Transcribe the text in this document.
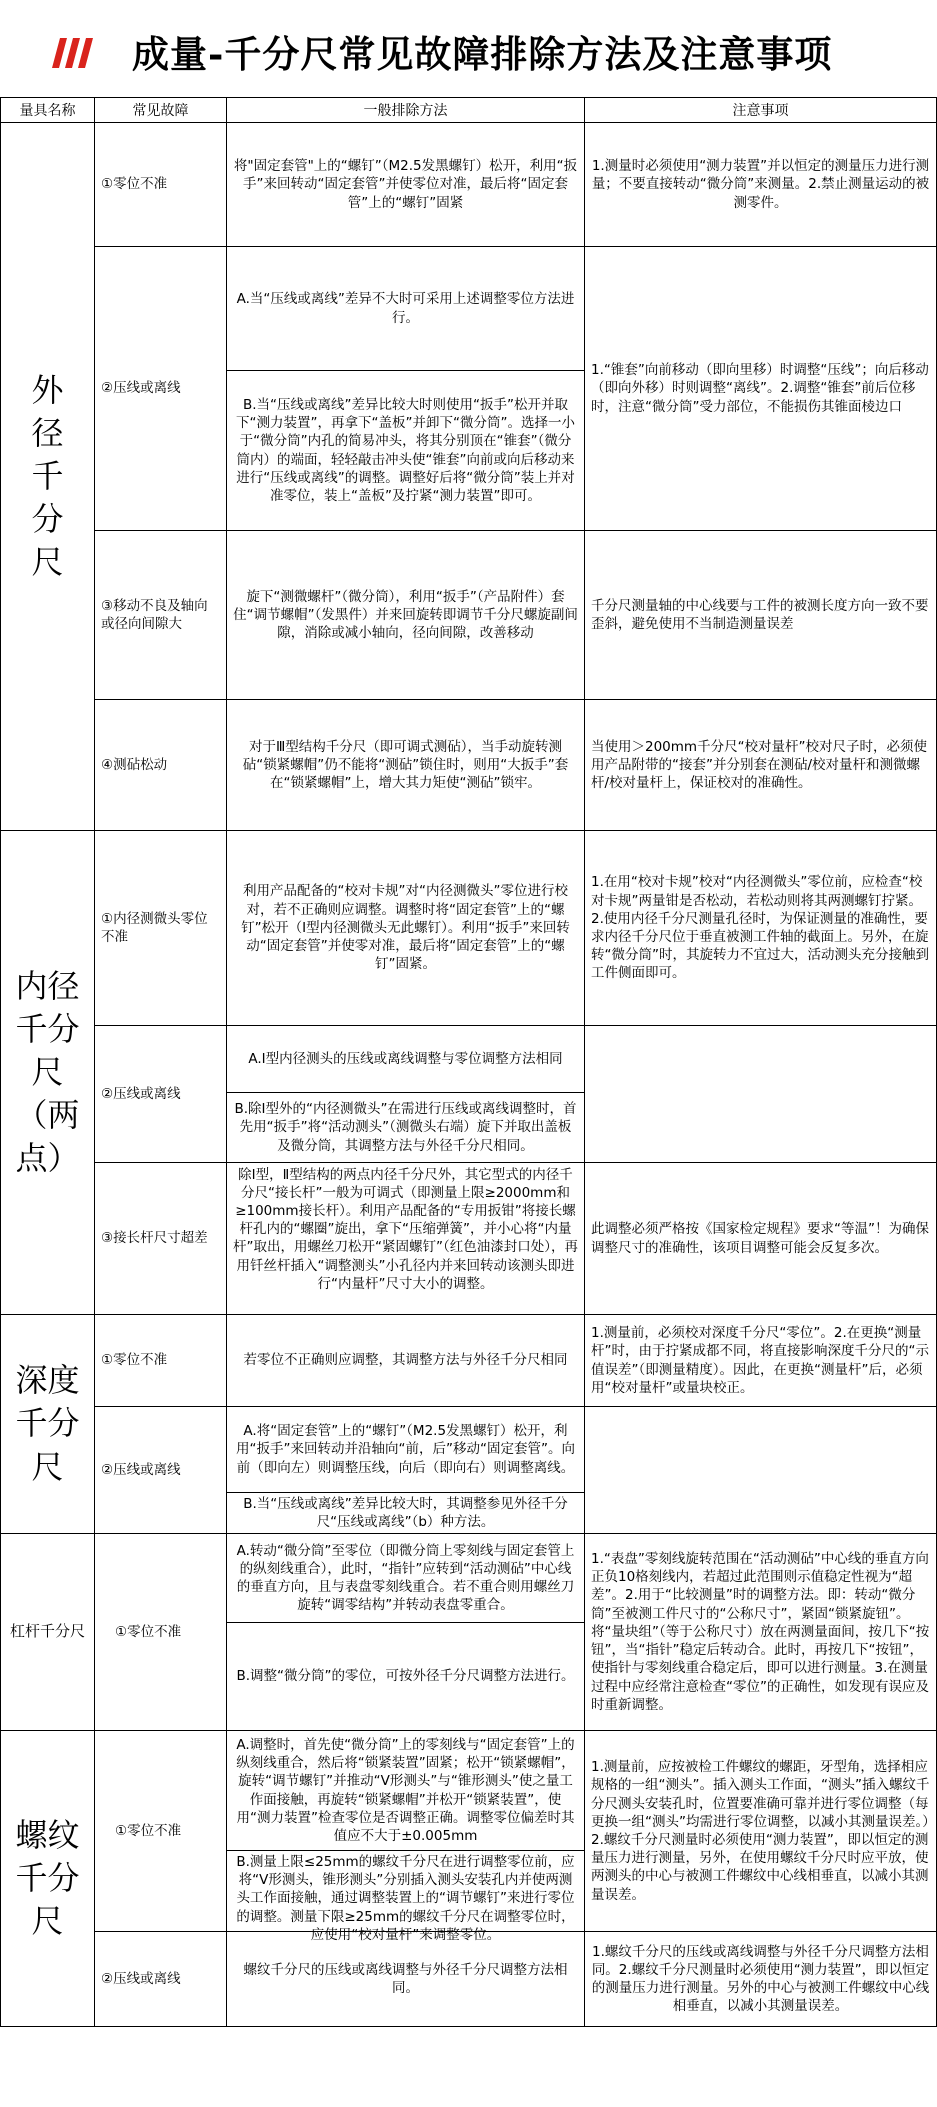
成量-千分尺常见故障排除方法及注意事项
量具名称	常见故障	一般排除方法	注意事项

外径千分尺	①零位不准	将"固定套管"上的“螺钉”（M2.5发黑螺钉）松开，利用“扳手”来回转动“固定套管”并使零位对准，最后将“固定套管”上的“螺钉”固紧	1.测量时必须使用“测力装置”并以恒定的测量压力进行测量；不要直接转动“微分筒”来测量。2.禁止测量运动的被测零件。
	②压线或离线	A.当“压线或离线”差异不大时可采用上述调整零位方法进行。	1.“锥套”向前移动（即向里移）时调整“压线”；向后移动（即向外移）时则调整“离线”。2.调整“锥套”前后位移时，注意“微分筒”受力部位，不能损伤其锥面棱边口
		B.当“压线或离线”差异比较大时则使用“扳手”松开并取下“测力装置”，再拿下“盖板”并卸下“微分筒”。选择一小于“微分筒”内孔的简易冲头，将其分别顶在“锥套”（微分筒内）的端面，轻轻敲击冲头使“锥套”向前或向后移动来进行“压线或离线”的调整。调整好后将“微分筒”装上并对准零位，装上“盖板”及拧紧“测力装置”即可。	
	③移动不良及轴向或径向间隙大	旋下“测微螺杆”（微分筒），利用“扳手”（产品附件）套住“调节螺帽”（发黑件）并来回旋转即调节千分尺螺旋副间隙，消除或减小轴向，径向间隙，改善移动	千分尺测量轴的中心线要与工件的被测长度方向一致不要歪斜，避免使用不当制造测量误差
	④测砧松动	对于Ⅲ型结构千分尺（即可调式测砧），当手动旋转测砧“锁紧螺帽”仍不能将“测砧”锁住时，则用“大扳手”套在“锁紧螺帽”上，增大其力矩使“测砧”锁牢。	当使用＞200mm千分尺“校对量杆”校对尺子时，必须使用产品附带的“接套”并分别套在测砧/校对量杆和测微螺杆/校对量杆上，保证校对的准确性。

内径千分尺（两点）	①内径测微头零位不准	利用产品配备的“校对卡规”对“内径测微头”零位进行校对，若不正确则应调整。调整时将“固定套管”上的“螺钉”松开（Ⅰ型内径测微头无此螺钉）。利用“扳手”来回转动“固定套管”并使零对准，最后将“固定套管”上的“螺钉”固紧。	1.在用“校对卡规”校对“内径测微头”零位前，应检查“校对卡规”两量钳是否松动，若松动则将其两测螺钉拧紧。2.使用内径千分尺测量孔径时，为保证测量的准确性，要求内径千分尺位于垂直被测工件轴的截面上。另外，在旋转“微分筒”时，其旋转力不宜过大，活动测头充分接触到工件侧面即可。
	②压线或离线	A.Ⅰ型内径测头的压线或离线调整与零位调整方法相同	
		B.除Ⅰ型外的“内径测微头”在需进行压线或离线调整时，首先用“扳手”将“活动测头”（测微头右端）旋下并取出盖板及微分筒，其调整方法与外径千分尺相同。	
	③接长杆尺寸超差	除Ⅰ型，Ⅱ型结构的两点内径千分尺外，其它型式的内径千分尺“接长杆”一般为可调式（即测量上限≥2000mm和≥100mm接长杆）。利用产品配备的“专用扳钳”将接长螺杆孔内的“螺圈”旋出，拿下“压缩弹簧”，并小心将“内量杆”取出，用螺丝刀松开“紧固螺钉”（红色油漆封口处），再用钎丝杆插入“调整测头”小孔径内并来回转动该测头即进行“内量杆”尺寸大小的调整。	此调整必须严格按《国家检定规程》要求“等温”！为确保调整尺寸的准确性，该项目调整可能会反复多次。

深度千分尺	①零位不准	若零位不正确则应调整，其调整方法与外径千分尺相同	1.测量前，必须校对深度千分尺“零位”。2.在更换“测量杆”时，由于拧紧成都不同，将直接影响深度千分尺的“示值误差”（即测量精度）。因此，在更换“测量杆”后，必须用“校对量杆”或量块校正。
	②压线或离线	A.将“固定套管”上的“螺钉”（M2.5发黑螺钉）松开，利用“扳手”来回转动并沿轴向“前，后”移动“固定套管”。向前（即向左）则调整压线，向后（即向右）则调整离线。	
		B.当“压线或离线”差异比较大时，其调整参见外径千分尺“压线或离线”（b）种方法。	
杠杆千分尺	①零位不准	A.转动“微分筒”至零位（即微分筒上零刻线与固定套管上的纵刻线重合），此时，“指针”应转到“活动测砧”中心线的垂直方向，且与表盘零刻线重合。若不重合则用螺丝刀旋转“调零结构”并转动表盘零重合。	1.“表盘”零刻线旋转范围在“活动测砧”中心线的垂直方向正负10格刻线内，若超过此范围则示值稳定性视为“超差”。2.用于“比较测量”时的调整方法。即：转动“微分筒”至被测工件尺寸的“公称尺寸”，紧固“锁紧旋钮”。将“量块组”（等于公称尺寸）放在两测量面间，按几下“按钮”，当“指针”稳定后转动合。此时，再按几下“按钮”，使指针与零刻线重合稳定后，即可以进行测量。3.在测量过程中应经常注意检查“零位”的正确性，如发现有误应及时重新调整。
		B.调整“微分筒”的零位，可按外径千分尺调整方法进行。	

螺纹千分尺	①零位不准	A.调整时，首先使“微分筒”上的零刻线与“固定套管”上的纵刻线重合，然后将“锁紧装置”固紧；松开“锁紧螺帽”，旋转“调节螺钉”并推动“V形测头”与“锥形测头”使之量工作面接触，再旋转“锁紧螺帽”并松开“锁紧装置”，使用“测力装置”检查零位是否调整正确。调整零位偏差时其值应不大于±0.005mm	1.测量前，应按被检工件螺纹的螺距，牙型角，选择相应规格的一组“测头”。插入测头工作面，“测头”插入螺纹千分尺测头安装孔时，位置要准确可靠并进行零位调整（每更换一组“测头”均需进行零位调整，以减小其测量误差。）2.螺纹千分尺测量时必须使用“测力装置”，即以恒定的测量压力进行测量，另外，在使用螺纹千分尺时应平放，使两测头的中心与被测工件螺纹中心线相垂直，以减小其测量误差。

		B.测量上限≤25mm的螺纹千分尺在进行调整零位前，应将“V形测头，锥形测头”分别插入测头安装孔内并使两测头工作面接触，通过调整装置上的“调节螺钉”来进行零位的调整。测量下限≥25mm的螺纹千分尺在调整零位时，应使用“校对量杆”来调整零位。	

	②压线或离线	螺纹千分尺的压线或离线调整与外径千分尺调整方法相同。	1.螺纹千分尺的压线或离线调整与外径千分尺调整方法相同。2.螺纹千分尺测量时必须使用“测力装置”，即以恒定的测量压力进行测量。另外的中心与被测工件螺纹中心线相垂直，以减小其测量误差。
